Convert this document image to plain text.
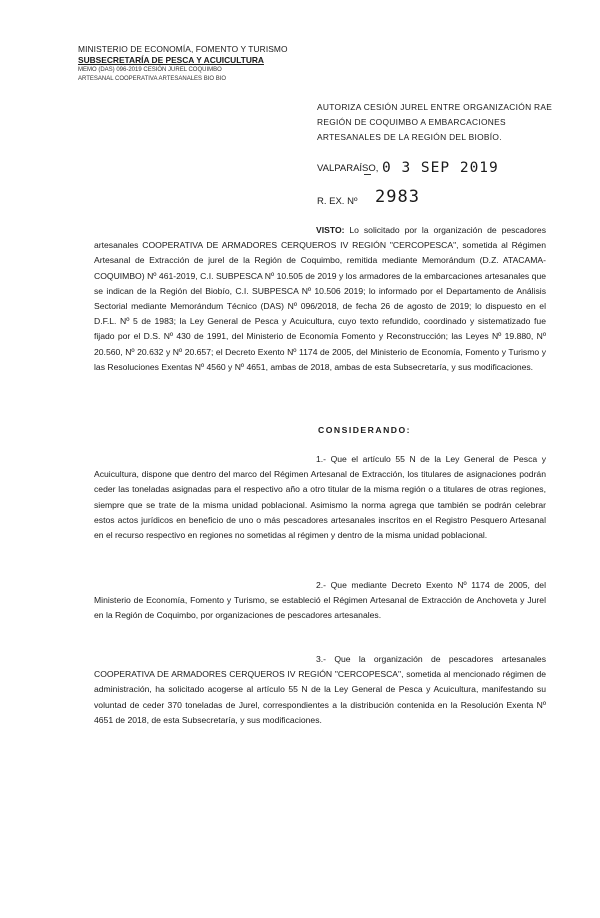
MINISTERIO DE ECONOMÍA, FOMENTO Y TURISMO
SUBSECRETARÍA DE PESCA Y ACUICULTURA
MEMO (DAS) 096-2019 CESIÓN JUREL COQUIMBO
ARTESANAL COOPERATIVA ARTESANALES BIO BIO
AUTORIZA CESIÓN JUREL ENTRE ORGANIZACIÓN RAE REGIÓN DE COQUIMBO A EMBARCACIONES ARTESANALES DE LA REGIÓN DEL BIOBÍO.
VALPARAÍSO, 0 3 SEP 2019
R. EX. Nº 2983
VISTO: Lo solicitado por la organización de pescadores artesanales COOPERATIVA DE ARMADORES CERQUEROS IV REGIÓN "CERCOPESCA", sometida al Régimen Artesanal de Extracción de jurel de la Región de Coquimbo, remitida mediante Memorándum (D.Z. ATACAMA-COQUIMBO) Nº 461-2019, C.I. SUBPESCA Nº 10.505 de 2019 y los armadores de la embarcaciones artesanales que se indican de la Región del Biobío, C.I. SUBPESCA Nº 10.506 2019; lo informado por el Departamento de Análisis Sectorial mediante Memorándum Técnico (DAS) Nº 096/2018, de fecha 26 de agosto de 2019; lo dispuesto en el D.F.L. Nº 5 de 1983; la Ley General de Pesca y Acuicultura, cuyo texto refundido, coordinado y sistematizado fue fijado por el D.S. Nº 430 de 1991, del Ministerio de Economía Fomento y Reconstrucción; las Leyes Nº 19.880, Nº 20.560, Nº 20.632 y Nº 20.657; el Decreto Exento Nº 1174 de 2005, del Ministerio de Economía, Fomento y Turismo y las Resoluciones Exentas Nº 4560 y Nº 4651, ambas de 2018, ambas de esta Subsecretaría, y sus modificaciones.
CONSIDERANDO:
1.- Que el artículo 55 N de la Ley General de Pesca y Acuicultura, dispone que dentro del marco del Régimen Artesanal de Extracción, los titulares de asignaciones podrán ceder las toneladas asignadas para el respectivo año a otro titular de la misma región o a titulares de otras regiones, siempre que se trate de la misma unidad poblacional. Asimismo la norma agrega que también se podrán celebrar estos actos jurídicos en beneficio de uno o más pescadores artesanales inscritos en el Registro Pesquero Artesanal en el recurso respectivo en regiones no sometidas al régimen y dentro de la misma unidad poblacional.
2.- Que mediante Decreto Exento Nº 1174 de 2005, del Ministerio de Economía, Fomento y Turismo, se estableció el Régimen Artesanal de Extracción de Anchoveta y Jurel en la Región de Coquimbo, por organizaciones de pescadores artesanales.
3.- Que la organización de pescadores artesanales COOPERATIVA DE ARMADORES CERQUEROS IV REGIÓN "CERCOPESCA", sometida al mencionado régimen de administración, ha solicitado acogerse al artículo 55 N de la Ley General de Pesca y Acuicultura, manifestando su voluntad de ceder 370 toneladas de Jurel, correspondientes a la distribución contenida en la Resolución Exenta Nº 4651 de 2018, de esta Subsecretaría, y sus modificaciones.
